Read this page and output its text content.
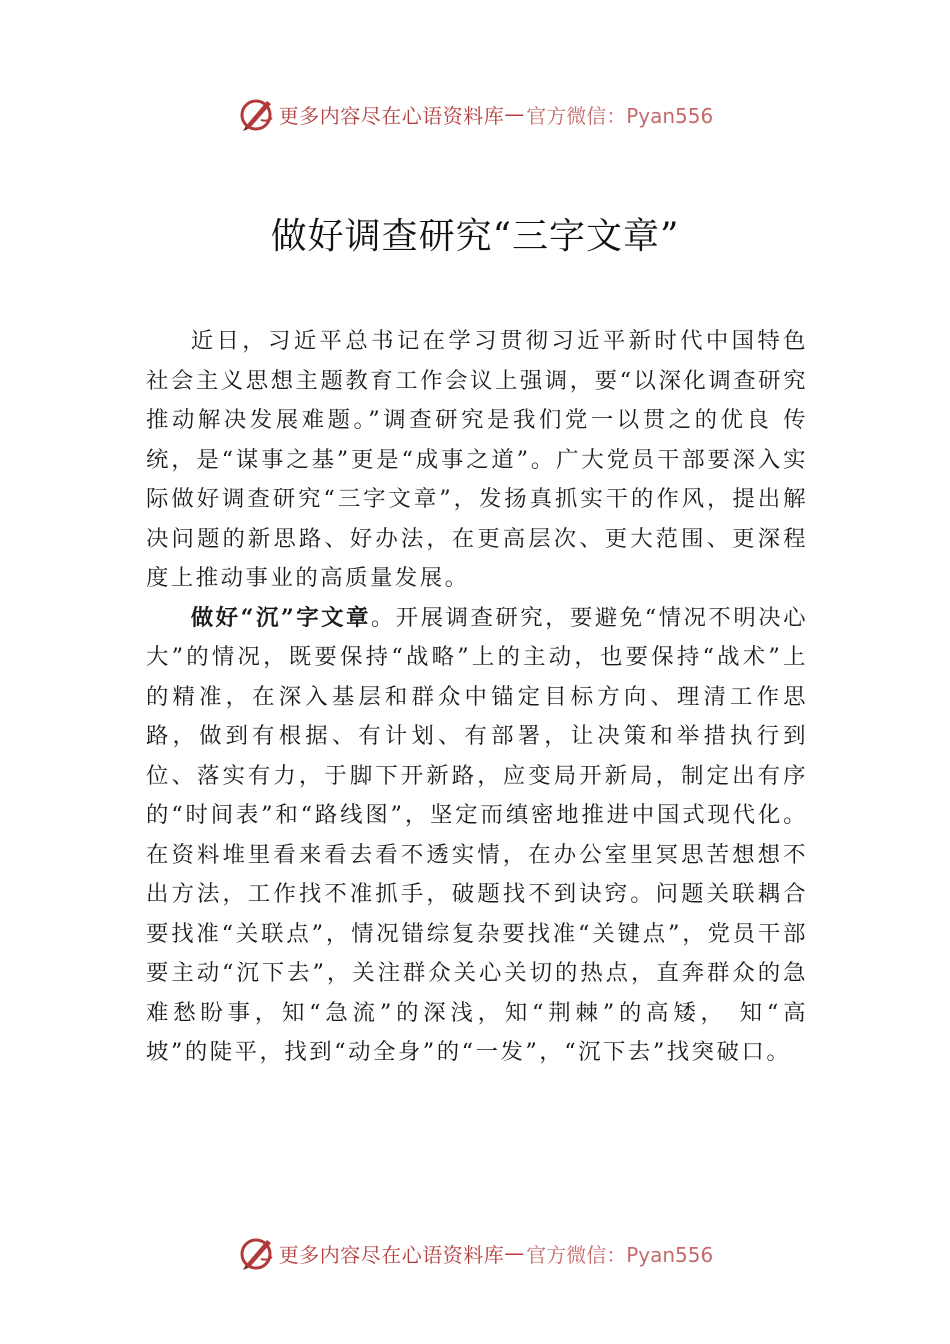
更多内容尽在心语资料库 — 官方微信：Pyan556
做好调查研究“三字文章”

近日，习近平总书记在学习贯彻习近平新时代中国特色社会主义思想主题教育工作会议上强调，要“以深化调查研究推动解决发展难题。”调查研究是我们党一以贯之的优良 传统，是“谋事之基”更是“成事之道”。广大党员干部要深入实际做好调查研究“三字文章”，发扬真抓实干的作风，提出解决问题的新思路、好办法，在更高层次、更大范围、更深程度上推动事业的高质量发展。

做好“沉”字文章。开展调查研究，要避免“情况不明决心大”的情况，既要保持“战略”上的主动，也要保持“战术”上的精准，在深入基层和群众中锚定目标方向、理清工作思路，做到有根据、有计划、有部署，让决策和举措执行到位、落实有力，于脚下开新路，应变局开新局，制定出有序的“时间表”和“路线图”，坚定而缜密地推进中国式现代化。在资料堆里看来看去看不透实情，在办公室里冥思苦想想不出方法，工作找不准抓手，破题找不到诀窍。问题关联耦合要找准“关联点”，情况错综复杂要找准“关键点”，党员干部要主动“沉下去”，关注群众关心关切的热点，直奔群众的急难愁盼事，知“急流”的深浅，知“荆棘”的高矮， 知“高坡”的陡平，找到“动全身”的“一发”，“沉下去”找突破口。

更多内容尽在心语资料库 — 官方微信：Pyan556
